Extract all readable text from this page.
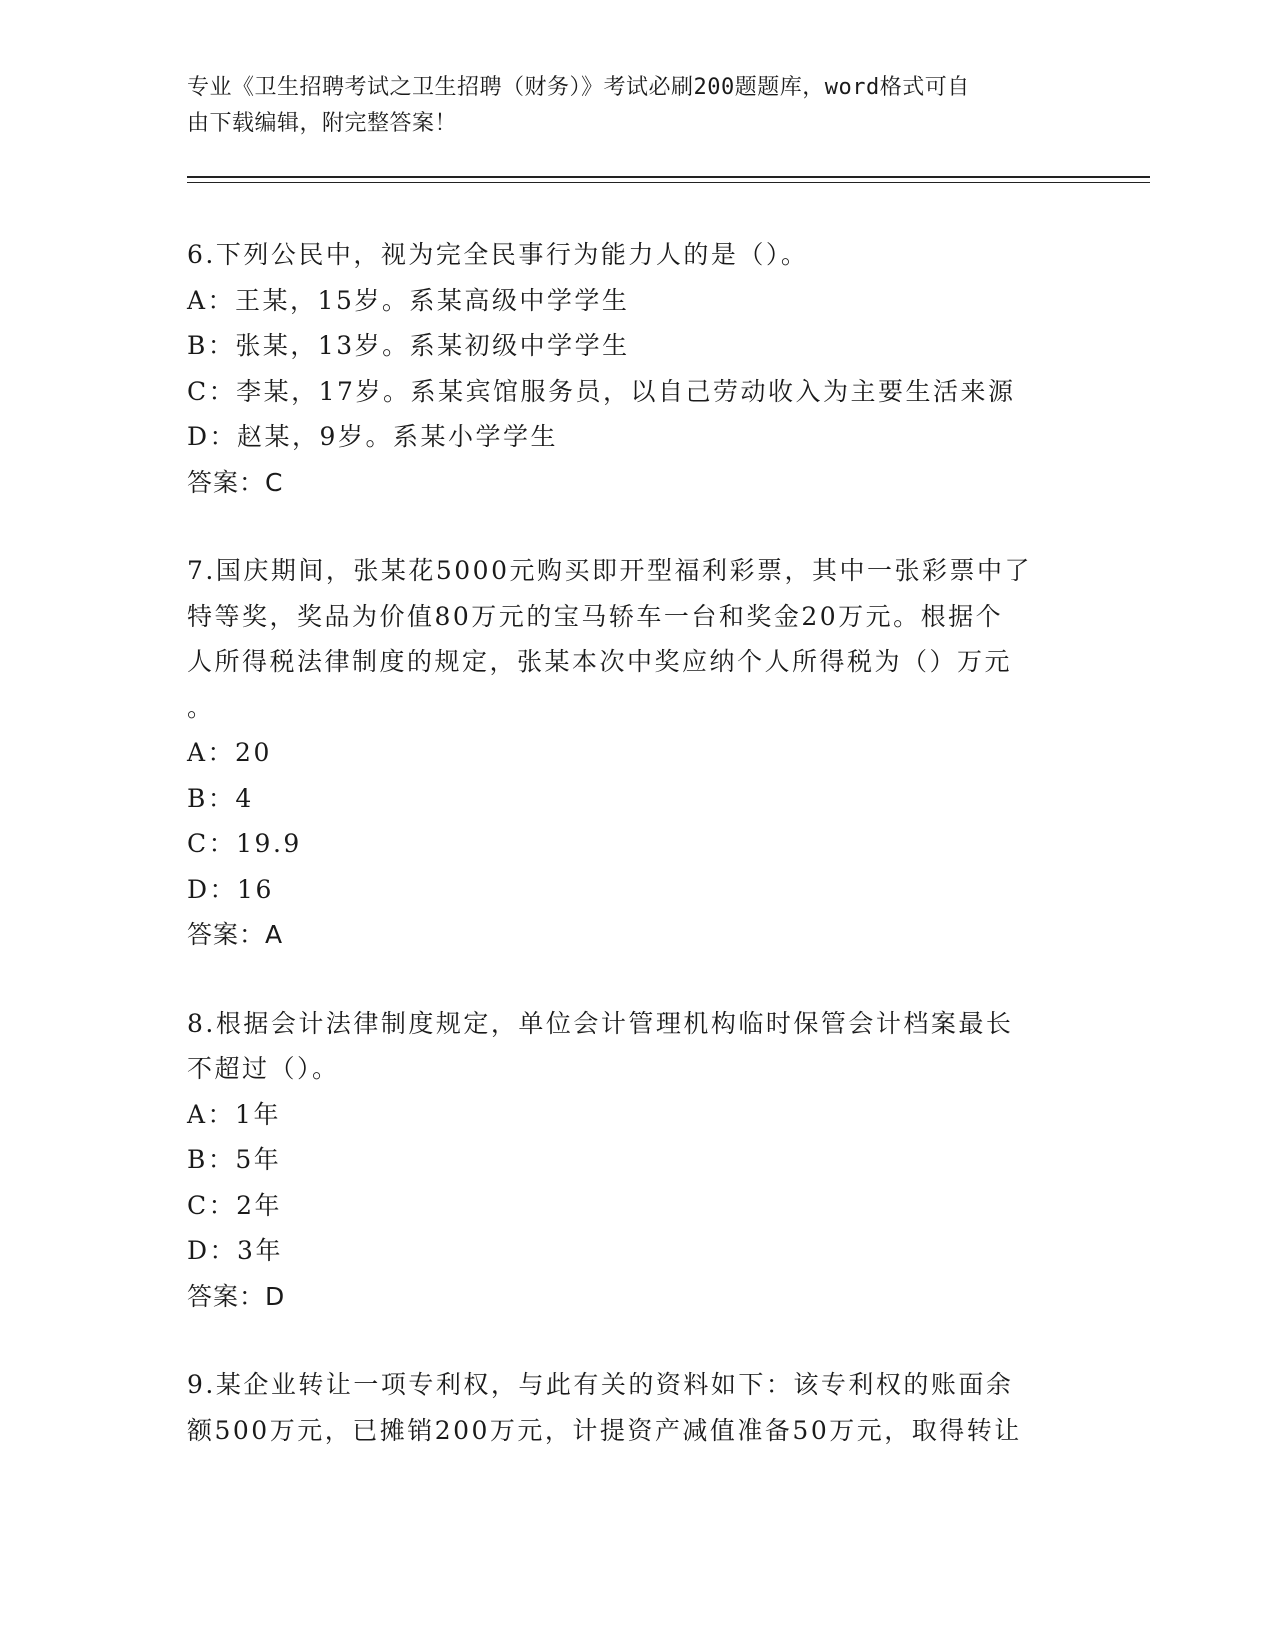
专业《卫生招聘考试之卫生招聘（财务）》考试必刷200题题库，word格式可自
由下载编辑，附完整答案！
6.下列公民中，视为完全民事行为能力人的是（）。
A：王某，15岁。系某高级中学学生
B：张某，13岁。系某初级中学学生
C：李某，17岁。系某宾馆服务员，以自己劳动收入为主要生活来源
D：赵某，9岁。系某小学学生
答案：C
7.国庆期间，张某花5000元购买即开型福利彩票，其中一张彩票中了
特等奖，奖品为价值80万元的宝马轿车一台和奖金20万元。根据个
人所得税法律制度的规定，张某本次中奖应纳个人所得税为（）万元
。
A：20
B：4
C：19.9
D：16
答案：A
8.根据会计法律制度规定，单位会计管理机构临时保管会计档案最长
不超过（）。
A：1年
B：5年
C：2年
D：3年
答案：D
9.某企业转让一项专利权，与此有关的资料如下：该专利权的账面余
额500万元，已摊销200万元，计提资产减值准备50万元，取得转让
